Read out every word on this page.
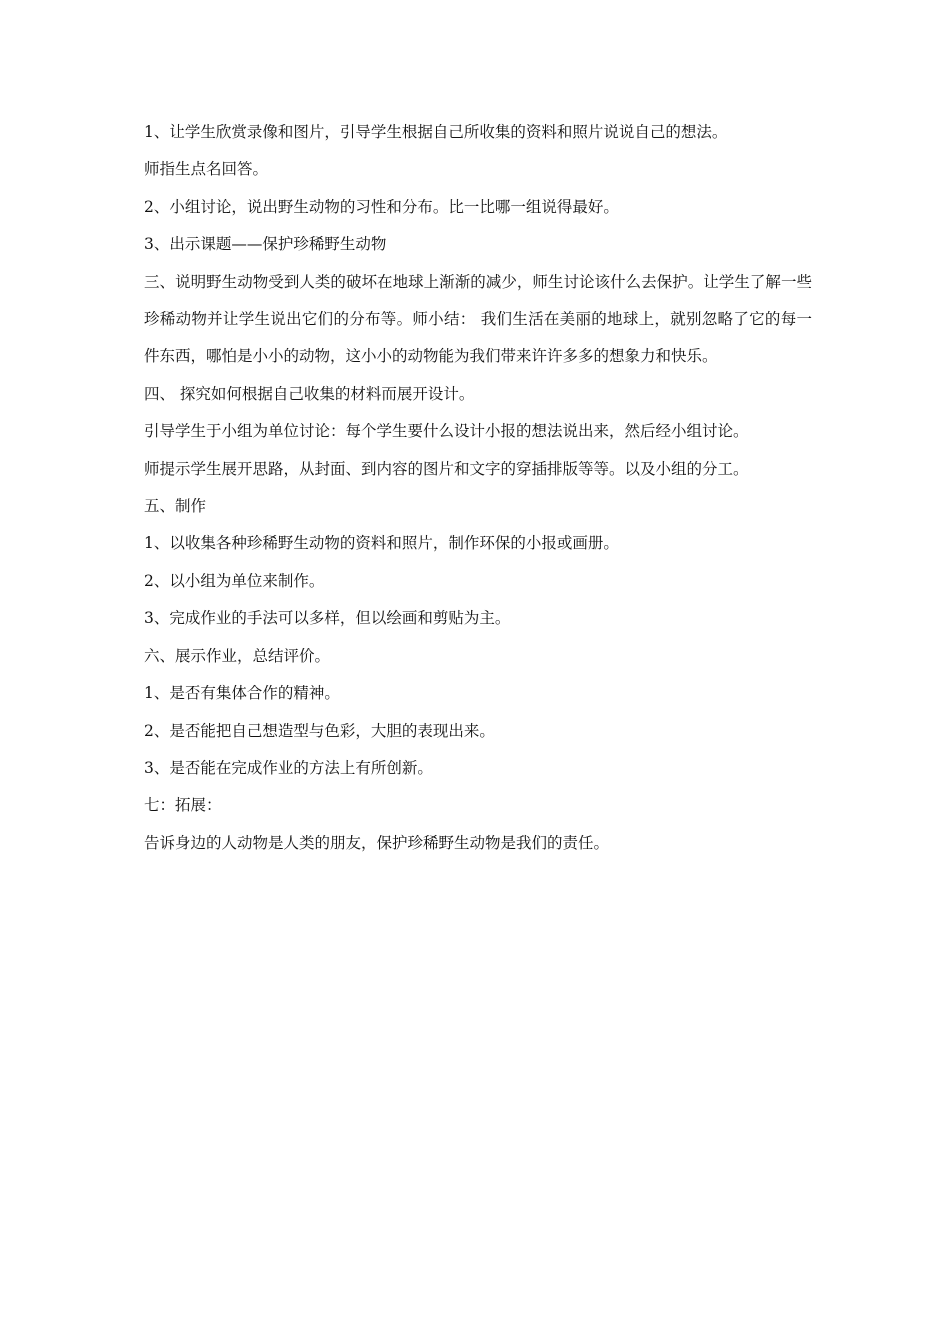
1、让学生欣赏录像和图片，引导学生根据自己所收集的资料和照片说说自己的想法。

师指生点名回答。

2、小组讨论，说出野生动物的习性和分布。比一比哪一组说得最好。

3、出示课题——保护珍稀野生动物

三、说明野生动物受到人类的破坏在地球上渐渐的减少，师生讨论该什么去保护。让学生了解一些珍稀动物并让学生说出它们的分布等。师小结： 我们生活在美丽的地球上，就别忽略了它的每一件东西，哪怕是小小的动物，这小小的动物能为我们带来许许多多的想象力和快乐。

四、 探究如何根据自己收集的材料而展开设计。

引导学生于小组为单位讨论：每个学生要什么设计小报的想法说出来，然后经小组讨论。

师提示学生展开思路，从封面、到内容的图片和文字的穿插排版等等。以及小组的分工。

五、制作

1、以收集各种珍稀野生动物的资料和照片，制作环保的小报或画册。

2、以小组为单位来制作。

3、完成作业的手法可以多样，但以绘画和剪贴为主。

六、展示作业，总结评价。

1、是否有集体合作的精神。

2、是否能把自己想造型与色彩，大胆的表现出来。

3、是否能在完成作业的方法上有所创新。

七：拓展：

告诉身边的人动物是人类的朋友，保护珍稀野生动物是我们的责任。
